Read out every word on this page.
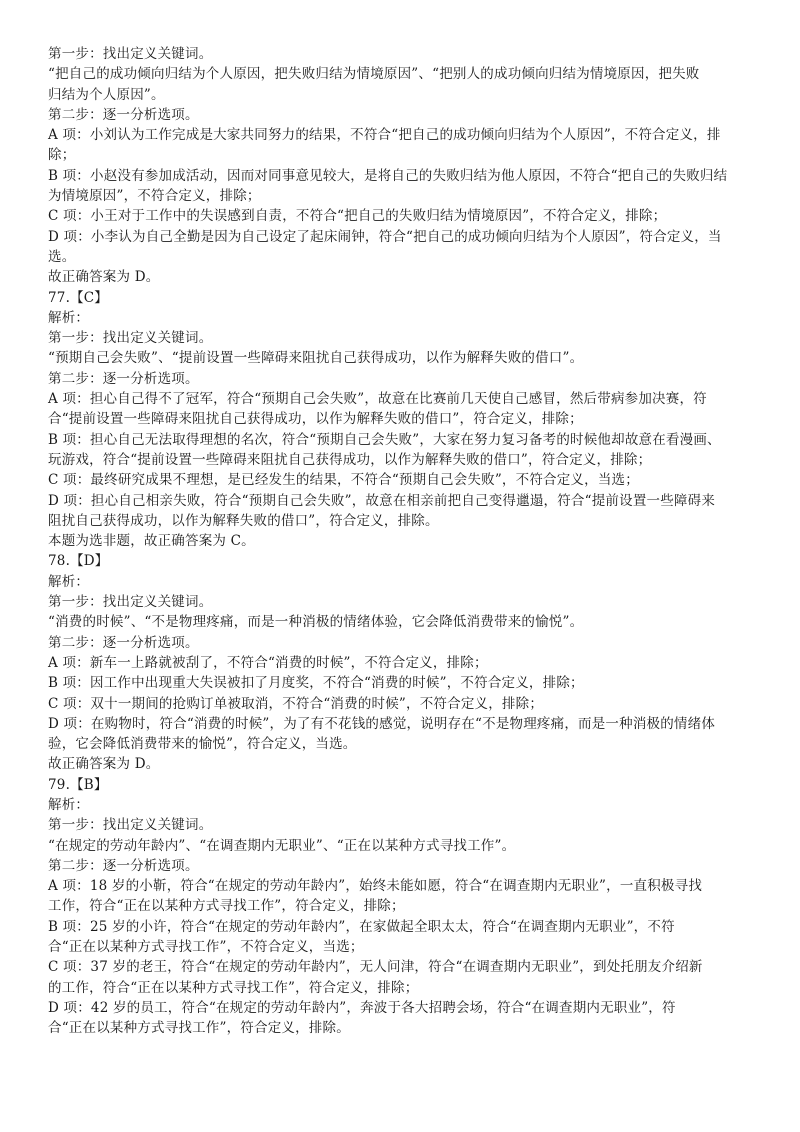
第一步：找出定义关键词。

“把自己的成功倾向归结为个人原因，把失败归结为情境原因”、“把别人的成功倾向归结为情境原因，把失败

归结为个人原因”。

第二步：逐一分析选项。

A 项：小刘认为工作完成是大家共同努力的结果，不符合“把自己的成功倾向归结为个人原因”，不符合定义，排

除；

B 项：小赵没有参加成活动，因而对同事意见较大，是将自己的失败归结为他人原因，不符合“把自己的失败归结

为情境原因”，不符合定义，排除；

C 项：小王对于工作中的失误感到自责，不符合“把自己的失败归结为情境原因”，不符合定义，排除；

D 项：小李认为自己全勤是因为自己设定了起床闹钟，符合“把自己的成功倾向归结为个人原因”，符合定义，当

选。

故正确答案为 D。

77.【C】

解析：

第一步：找出定义关键词。

“预期自己会失败”、“提前设置一些障碍来阻扰自己获得成功，以作为解释失败的借口”。

第二步：逐一分析选项。

A 项：担心自己得不了冠军，符合“预期自己会失败”，故意在比赛前几天使自己感冒，然后带病参加决赛，符

合“提前设置一些障碍来阻扰自己获得成功，以作为解释失败的借口”，符合定义，排除；

B 项：担心自己无法取得理想的名次，符合“预期自己会失败”，大家在努力复习备考的时候他却故意在看漫画、

玩游戏，符合“提前设置一些障碍来阻扰自己获得成功，以作为解释失败的借口”，符合定义，排除；

C 项：最终研究成果不理想，是已经发生的结果，不符合“预期自己会失败”，不符合定义，当选；

D 项：担心自己相亲失败，符合“预期自己会失败”，故意在相亲前把自己变得邋遢，符合“提前设置一些障碍来

阻扰自己获得成功，以作为解释失败的借口”，符合定义，排除。

本题为选非题，故正确答案为 C。

78.【D】

解析：

第一步：找出定义关键词。

“消费的时候”、“不是物理疼痛，而是一种消极的情绪体验，它会降低消费带来的愉悦”。

第二步：逐一分析选项。

A 项：新车一上路就被刮了，不符合“消费的时候”，不符合定义，排除；

B 项：因工作中出现重大失误被扣了月度奖，不符合“消费的时候”，不符合定义，排除；

C 项：双十一期间的抢购订单被取消，不符合“消费的时候”，不符合定义，排除；

D 项：在购物时，符合“消费的时候”，为了有不花钱的感觉，说明存在“不是物理疼痛，而是一种消极的情绪体

验，它会降低消费带来的愉悦”，符合定义，当选。

故正确答案为 D。

79.【B】

解析：

第一步：找出定义关键词。

“在规定的劳动年龄内”、“在调查期内无职业”、“正在以某种方式寻找工作”。

第二步：逐一分析选项。

A 项：18 岁的小靳，符合“在规定的劳动年龄内”，始终未能如愿，符合“在调查期内无职业”，一直积极寻找

工作，符合“正在以某种方式寻找工作”，符合定义，排除；

B 项：25 岁的小许，符合“在规定的劳动年龄内”，在家做起全职太太，符合“在调查期内无职业”，不符

合“正在以某种方式寻找工作”，不符合定义，当选；

C 项：37 岁的老王，符合“在规定的劳动年龄内”，无人问津，符合“在调查期内无职业”，到处托朋友介绍新

的工作，符合“正在以某种方式寻找工作”，符合定义，排除；

D 项：42 岁的员工，符合“在规定的劳动年龄内”，奔波于各大招聘会场，符合“在调查期内无职业”，符

合“正在以某种方式寻找工作”，符合定义，排除。
